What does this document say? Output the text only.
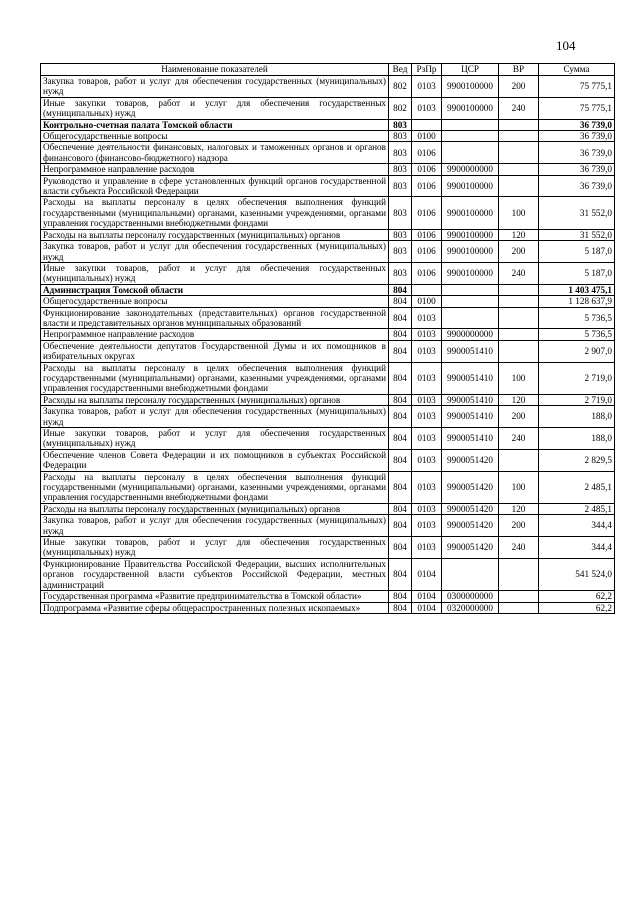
104
Наименование показателей	Вед	РзПр	ЦСР	ВР	Сумма
Закупка товаров, работ и услуг для обеспечения государственных (муниципальных) нужд	802	0103	9900100000	200	75 775,1
Иные закупки товаров, работ и услуг для обеспечения государственных (муниципальных) нужд	802	0103	9900100000	240	75 775,1
Контрольно-счетная палата Томской области	803				36 739,0
Общегосударственные вопросы	803	0100			36 739,0
Обеспечение деятельности финансовых, налоговых и таможенных органов и органов финансового (финансово-бюджетного) надзора	803	0106			36 739,0
Непрограммное направление расходов	803	0106	9900000000		36 739,0
Руководство и управление в сфере установленных функций органов государственной власти субъекта Российской Федерации	803	0106	9900100000		36 739,0
Расходы на выплаты персоналу в целях обеспечения выполнения функций государственными (муниципальными) органами, казенными учреждениями, органами управления государственными внебюджетными фондами	803	0106	9900100000	100	31 552,0
Расходы на выплаты персоналу государственных (муниципальных) органов	803	0106	9900100000	120	31 552,0
Закупка товаров, работ и услуг для обеспечения государственных (муниципальных) нужд	803	0106	9900100000	200	5 187,0
Иные закупки товаров, работ и услуг для обеспечения государственных (муниципальных) нужд	803	0106	9900100000	240	5 187,0
Администрация Томской области	804				1 403 475,1
Общегосударственные вопросы	804	0100			1 128 637,9
Функционирование законодательных (представительных) органов государственной власти и представительных органов муниципальных образований	804	0103			5 736,5
Непрограммное направление расходов	804	0103	9900000000		5 736,5
Обеспечение деятельности депутатов Государственной Думы и их помощников в избирательных округах	804	0103	9900051410		2 907,0
Расходы на выплаты персоналу в целях обеспечения выполнения функций государственными (муниципальными) органами, казенными учреждениями, органами управления государственными внебюджетными фондами	804	0103	9900051410	100	2 719,0
Расходы на выплаты персоналу государственных (муниципальных) органов	804	0103	9900051410	120	2 719,0
Закупка товаров, работ и услуг для обеспечения государственных (муниципальных) нужд	804	0103	9900051410	200	188,0
Иные закупки товаров, работ и услуг для обеспечения государственных (муниципальных) нужд	804	0103	9900051410	240	188,0
Обеспечение членов Совета Федерации и их помощников в субъектах Российской Федерации	804	0103	9900051420		2 829,5
Расходы на выплаты персоналу в целях обеспечения выполнения функций государственными (муниципальными) органами, казенными учреждениями, органами управления государственными внебюджетными фондами	804	0103	9900051420	100	2 485,1
Расходы на выплаты персоналу государственных (муниципальных) органов	804	0103	9900051420	120	2 485,1
Закупка товаров, работ и услуг для обеспечения государственных (муниципальных) нужд	804	0103	9900051420	200	344,4
Иные закупки товаров, работ и услуг для обеспечения государственных (муниципальных) нужд	804	0103	9900051420	240	344,4
Функционирование Правительства Российской Федерации, высших исполнительных органов государственной власти субъектов Российской Федерации, местных администраций	804	0104			541 524,0
Государственная программа «Развитие предпринимательства в Томской области»	804	0104	0300000000		62,2
Подпрограмма «Развитие сферы общераспространенных полезных ископаемых»	804	0104	0320000000		62,2
